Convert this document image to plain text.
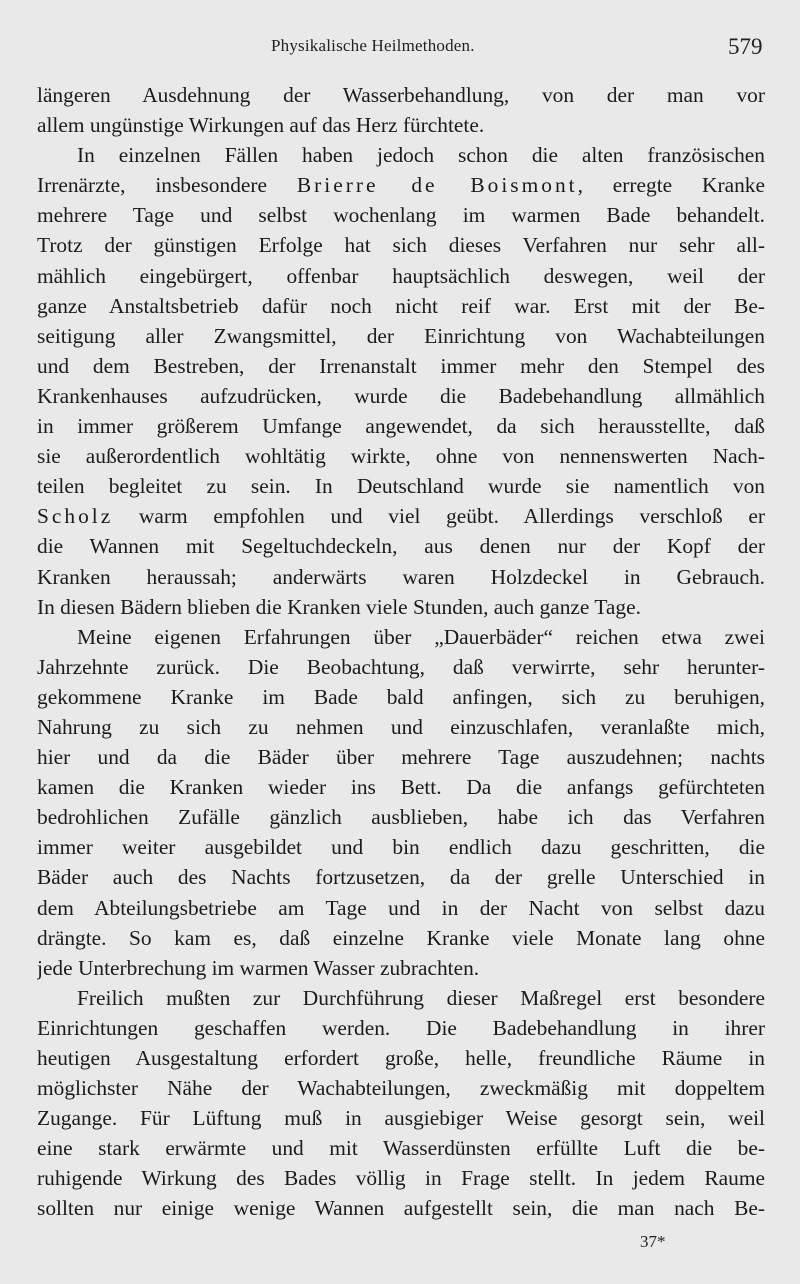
Physikalische Heilmethoden.	579
längeren Ausdehnung der Wasserbehandlung, von der man vor
allem ungünstige Wirkungen auf das Herz fürchtete.
In einzelnen Fällen haben jedoch schon die alten französischen
Irrenärzte, insbesondere Brierre de Boismont, erregte Kranke
mehrere Tage und selbst wochenlang im warmen Bade behandelt.
Trotz der günstigen Erfolge hat sich dieses Verfahren nur sehr all-
mählich eingebürgert, offenbar hauptsächlich deswegen, weil der
ganze Anstaltsbetrieb dafür noch nicht reif war. Erst mit der Be-
seitigung aller Zwangsmittel, der Einrichtung von Wachabteilungen
und dem Bestreben, der Irrenanstalt immer mehr den Stempel des
Krankenhauses aufzudrücken, wurde die Badebehandlung allmählich
in immer größerem Umfange angewendet, da sich herausstellte, daß
sie außerordentlich wohltätig wirkte, ohne von nennenswerten Nach-
teilen begleitet zu sein. In Deutschland wurde sie namentlich von
Scholz warm empfohlen und viel geübt. Allerdings verschloß er
die Wannen mit Segeltuchdeckeln, aus denen nur der Kopf der
Kranken heraussah; anderwärts waren Holzdeckel in Gebrauch.
In diesen Bädern blieben die Kranken viele Stunden, auch ganze Tage.
Meine eigenen Erfahrungen über „Dauerbäder“ reichen etwa zwei
Jahrzehnte zurück. Die Beobachtung, daß verwirrte, sehr herunter-
gekommene Kranke im Bade bald anfingen, sich zu beruhigen,
Nahrung zu sich zu nehmen und einzuschlafen, veranlaßte mich,
hier und da die Bäder über mehrere Tage auszudehnen; nachts
kamen die Kranken wieder ins Bett. Da die anfangs gefürchteten
bedrohlichen Zufälle gänzlich ausblieben, habe ich das Verfahren
immer weiter ausgebildet und bin endlich dazu geschritten, die
Bäder auch des Nachts fortzusetzen, da der grelle Unterschied in
dem Abteilungsbetriebe am Tage und in der Nacht von selbst dazu
drängte. So kam es, daß einzelne Kranke viele Monate lang ohne
jede Unterbrechung im warmen Wasser zubrachten.
Freilich mußten zur Durchführung dieser Maßregel erst besondere
Einrichtungen geschaffen werden. Die Badebehandlung in ihrer
heutigen Ausgestaltung erfordert große, helle, freundliche Räume in
möglichster Nähe der Wachabteilungen, zweckmäßig mit doppeltem
Zugange. Für Lüftung muß in ausgiebiger Weise gesorgt sein, weil
eine stark erwärmte und mit Wasserdünsten erfüllte Luft die be-
ruhigende Wirkung des Bades völlig in Frage stellt. In jedem Raume
sollten nur einige wenige Wannen aufgestellt sein, die man nach Be-
37*
